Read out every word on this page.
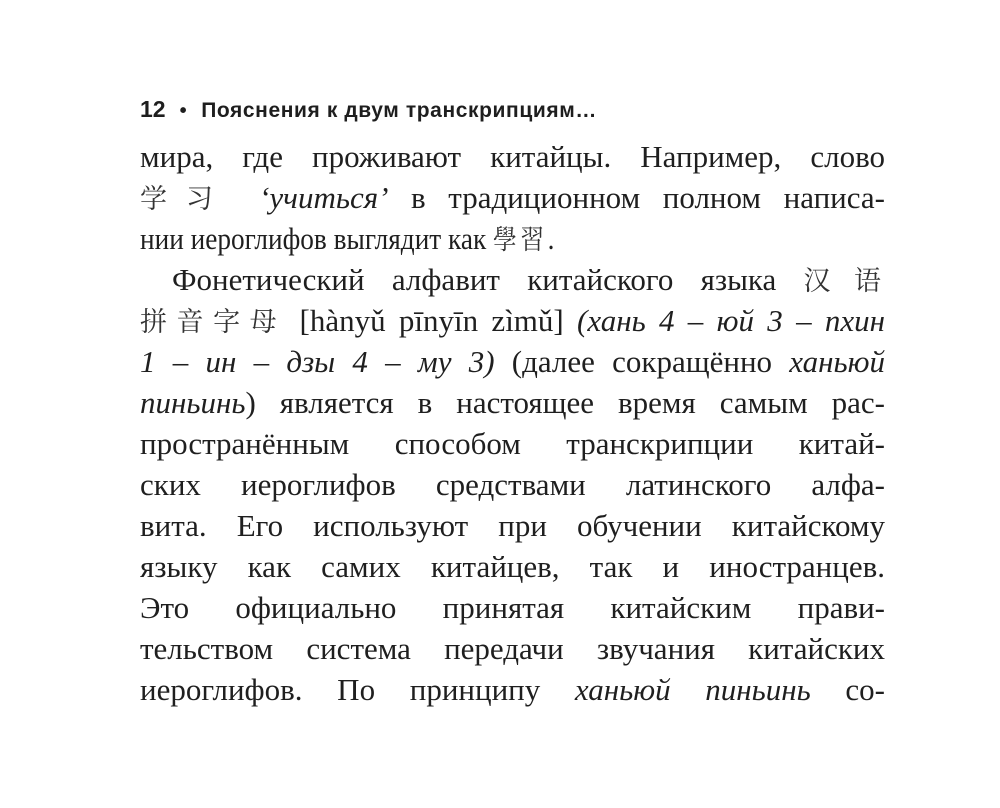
12 • Пояснения к двум транскрипциям…
мира, где проживают китайцы. Например, слово
学习 ‘учиться’ в традиционном полном написа-
нии иероглифов выглядит как 學習.
Фонетический алфавит китайского языка 汉语
拼音字母 [hànyǔ pīnyīn zìmǔ] (хань 4 – юй 3 – пхин
1 – ин – дзы 4 – му 3) (далее сокращённо ханьюй
пиньинь) является в настоящее время самым рас-
пространённым способом транскрипции китай-
ских иероглифов средствами латинского алфа-
вита. Его используют при обучении китайскому
языку как самих китайцев, так и иностранцев.
Это официально принятая китайским прави-
тельством система передачи звучания китайских
иероглифов. По принципу ханьюй пиньинь со-
